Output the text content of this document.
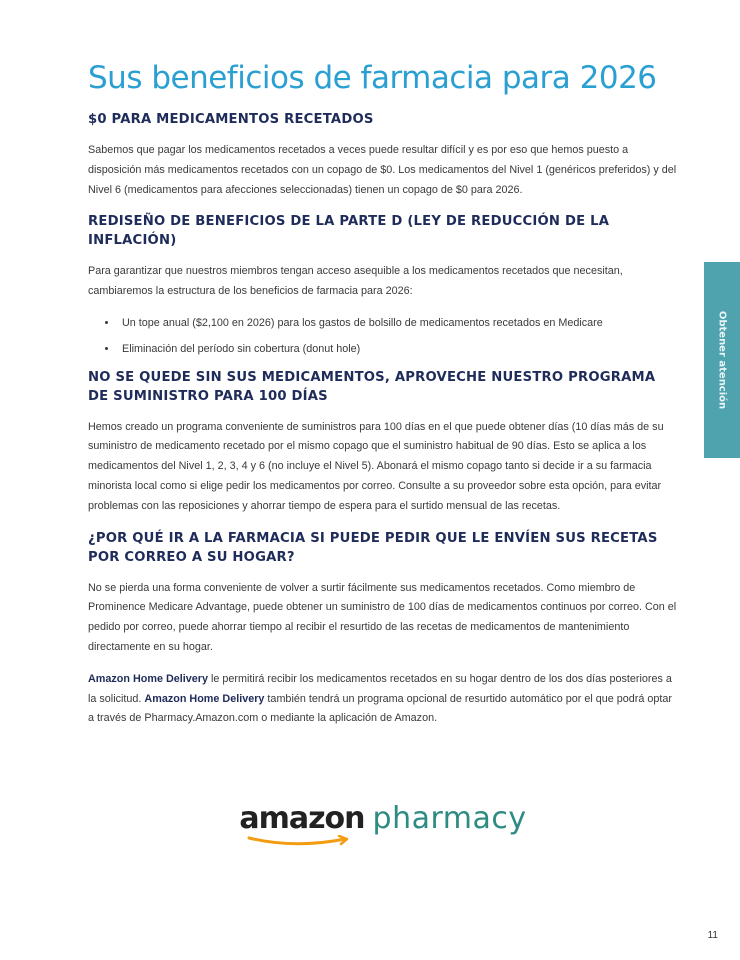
Obtener atención
Sus beneficios de farmacia para 2026
$0 PARA MEDICAMENTOS RECETADOS

Sabemos que pagar los medicamentos recetados a veces puede resultar difícil y es por eso que hemos puesto a disposición más medicamentos recetados con un copago de $0. Los medicamentos del Nivel 1 (genéricos preferidos) y del Nivel 6 (medicamentos para afecciones seleccionadas) tienen un copago de $0 para 2026.

REDISEÑO DE BENEFICIOS DE LA PARTE D (LEY DE REDUCCIÓN DE LA INFLACIÓN)

Para garantizar que nuestros miembros tengan acceso asequible a los medicamentos recetados que necesitan, cambiaremos la estructura de los beneficios de farmacia para 2026:

• Un tope anual ($2,100 en 2026) para los gastos de bolsillo de medicamentos recetados en Medicare
• Eliminación del período sin cobertura (donut hole)
NO SE QUEDE SIN SUS MEDICAMENTOS, APROVECHE NUESTRO PROGRAMA DE SUMINISTRO PARA 100 DÍAS

Hemos creado un programa conveniente de suministros para 100 días en el que puede obtener días (10 días más de su suministro de medicamento recetado por el mismo copago que el suministro habitual de 90 días. Esto se aplica a los medicamentos del Nivel 1, 2, 3, 4 y 6 (no incluye el Nivel 5). Abonará el mismo copago tanto si decide ir a su farmacia minorista local como si elige pedir los medicamentos por correo. Consulte a su proveedor sobre esta opción, para evitar problemas con las reposiciones y ahorrar tiempo de espera para el surtido mensual de las recetas.

¿POR QUÉ IR A LA FARMACIA SI PUEDE PEDIR QUE LE ENVÍEN SUS RECETAS POR CORREO A SU HOGAR?

No se pierda una forma conveniente de volver a surtir fácilmente sus medicamentos recetados. Como miembro de Prominence Medicare Advantage, puede obtener un suministro de 100 días de medicamentos continuos por correo. Con el pedido por correo, puede ahorrar tiempo al recibir el resurtido de las recetas de medicamentos de mantenimiento directamente en su hogar.

Amazon Home Delivery le permitirá recibir los medicamentos recetados en su hogar dentro de los dos días posteriores a la solicitud. Amazon Home Delivery también tendrá un programa opcional de resurtido automático por el que podrá optar a través de Pharmacy.Amazon.com o mediante la aplicación de Amazon.

amazon pharmacy
11
